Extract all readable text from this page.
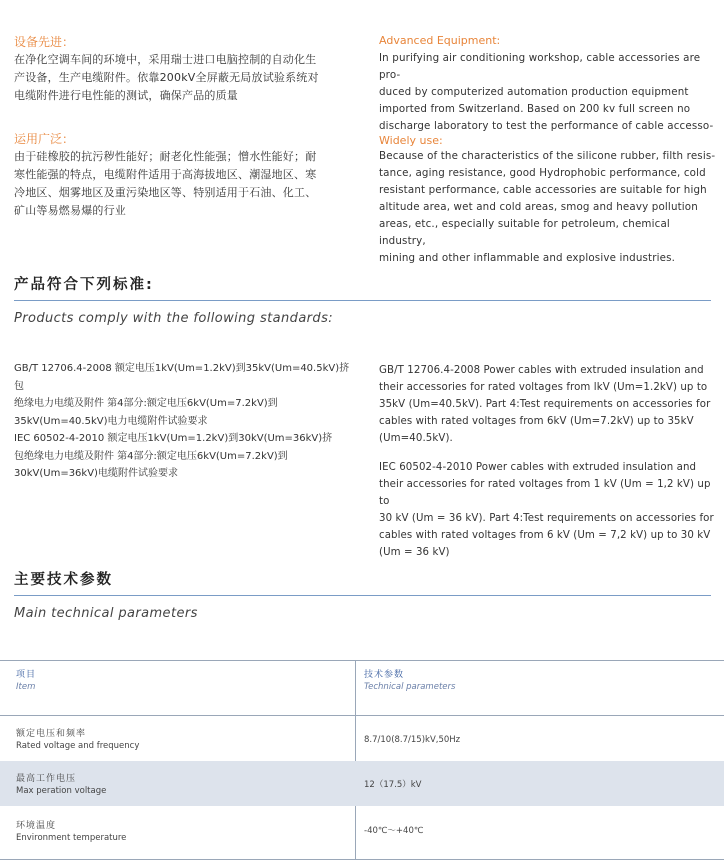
设备先进：
在净化空调车间的环境中，采用瑞士进口电脑控制的自动化生
产设备，生产电缆附件。依靠200kV全屏蔽无局放试验系统对
电缆附件进行电性能的测试，确保产品的质量
运用广泛：
由于硅橡胶的抗污秽性能好；耐老化性能强；憎水性能好；耐
寒性能强的特点，电缆附件适用于高海拔地区、潮湿地区、寒
冷地区、烟雾地区及重污染地区等、特别适用于石油、化工、
矿山等易燃易爆的行业
Advanced Equipment:
In purifying air conditioning workshop, cable accessories are pro-
duced by computerized automation production equipment
imported from Switzerland. Based on 200 kv full screen no
discharge laboratory to test the performance of cable accesso-
Widely use:
Because of the characteristics of the silicone rubber, filth resis-
tance, aging resistance, good Hydrophobic performance, cold
resistant performance, cable accessories are suitable for high
altitude area, wet and cold areas, smog and heavy pollution
areas, etc., especially suitable for petroleum, chemical industry,
mining and other inflammable and explosive industries.
产品符合下列标准:
Products comply with the following standards:
GB/T 12706.4-2008 额定电压1kV(Um=1.2kV)到35kV(Um=40.5kV)挤包
绝缘电力电缆及附件 第4部分:额定电压6kV(Um=7.2kV)到
35kV(Um=40.5kV)电力电缆附件试验要求
IEC 60502-4-2010 额定电压1kV(Um=1.2kV)到30kV(Um=36kV)挤
包绝缘电力电缆及附件 第4部分:额定电压6kV(Um=7.2kV)到
30kV(Um=36kV)电缆附件试验要求
GB/T 12706.4-2008 Power cables with extruded insulation and
their accessories for rated voltages from lkV (Um=1.2kV) up to
35kV (Um=40.5kV). Part 4:Test requirements on accessories for
cables with rated voltages from 6kV (Um=7.2kV) up to 35kV
(Um=40.5kV).
IEC 60502-4-2010 Power cables with extruded insulation and
their accessories for rated voltages from 1 kV (Um = 1,2 kV) up to
30 kV (Um = 36 kV). Part 4:Test requirements on accessories for
cables with rated voltages from 6 kV (Um = 7,2 kV) up to 30 kV
(Um = 36 kV)
主要技术参数
Main technical parameters
项目
Item
技术参数
Technical parameters
额定电压和频率
Rated voltage and frequency
8.7/10(8.7/15)kV,50Hz
最高工作电压
Max peration voltage
12（17.5）kV
环境温度
Environment temperature
-40℃～+40℃
